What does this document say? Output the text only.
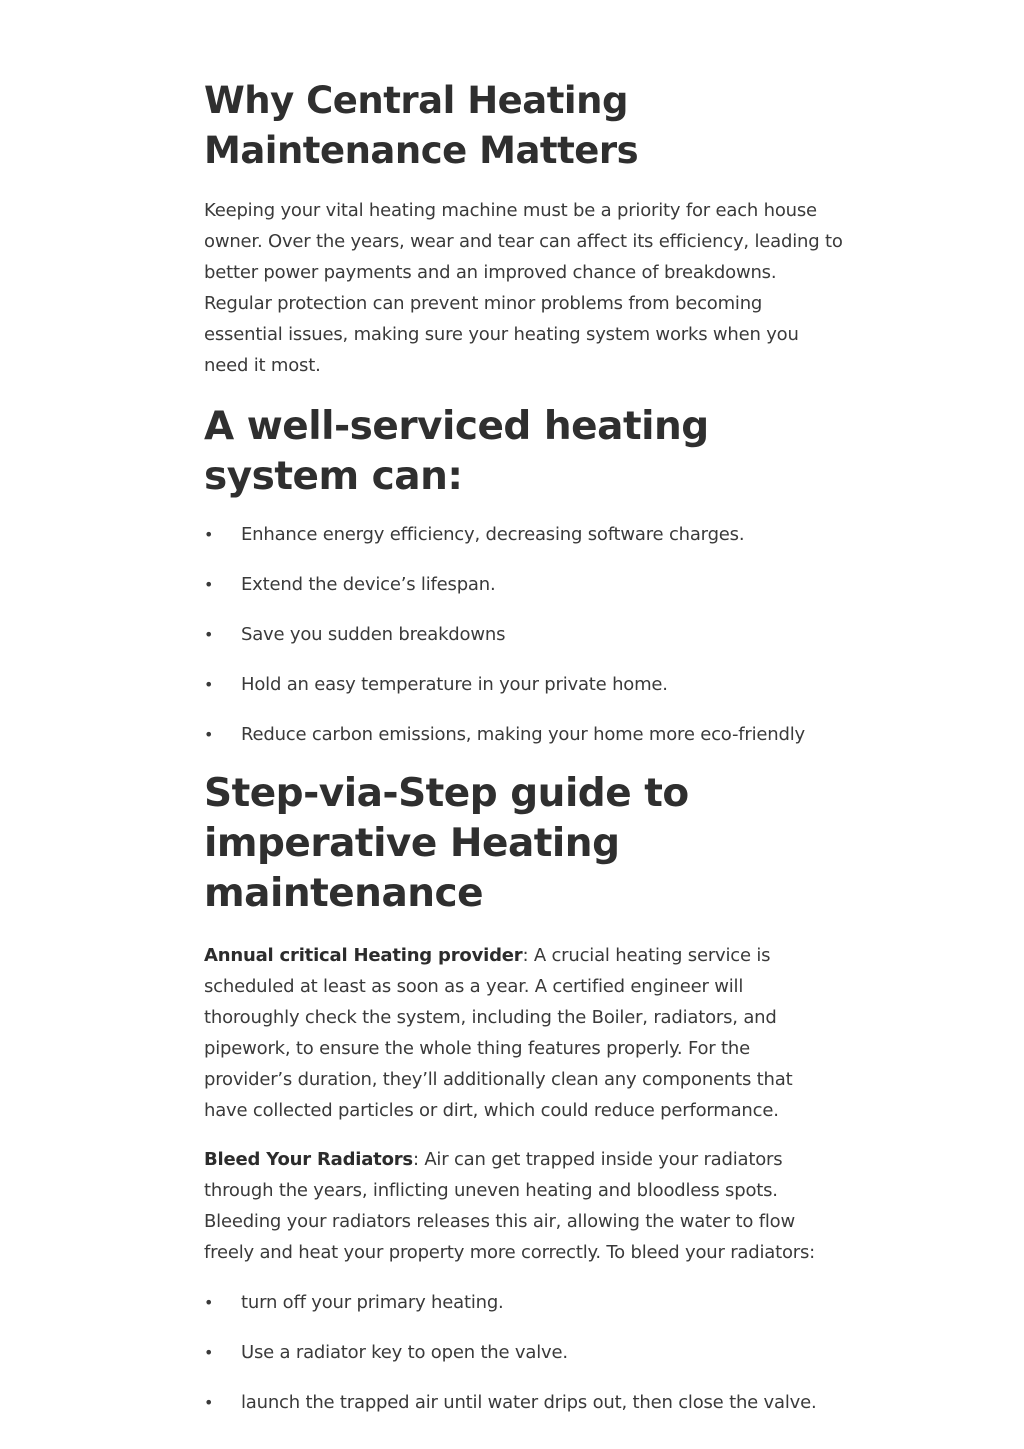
Why Central Heating Maintenance Matters

Keeping your vital heating machine must be a priority for each house owner. Over the years, wear and tear can affect its efficiency, leading to better power payments and an improved chance of breakdowns. Regular protection can prevent minor problems from becoming essential issues, making sure your heating system works when you need it most.

A well-serviced heating system can:
• Enhance energy efficiency, decreasing software charges.
• Extend the device’s lifespan.
• Save you sudden breakdowns
• Hold an easy temperature in your private home.
• Reduce carbon emissions, making your home more eco-friendly
Step-via-Step guide to imperative Heating maintenance

Annual critical Heating provider: A crucial heating service is scheduled at least as soon as a year. A certified engineer will thoroughly check the system, including the Boiler, radiators, and pipework, to ensure the whole thing features properly. For the provider’s duration, they’ll additionally clean any components that have collected particles or dirt, which could reduce performance.

Bleed Your Radiators: Air can get trapped inside your radiators through the years, inflicting uneven heating and bloodless spots. Bleeding your radiators releases this air, allowing the water to flow freely and heat your property more correctly. To bleed your radiators:

• turn off your primary heating.
• Use a radiator key to open the valve.
• launch the trapped air until water drips out, then close the valve.
